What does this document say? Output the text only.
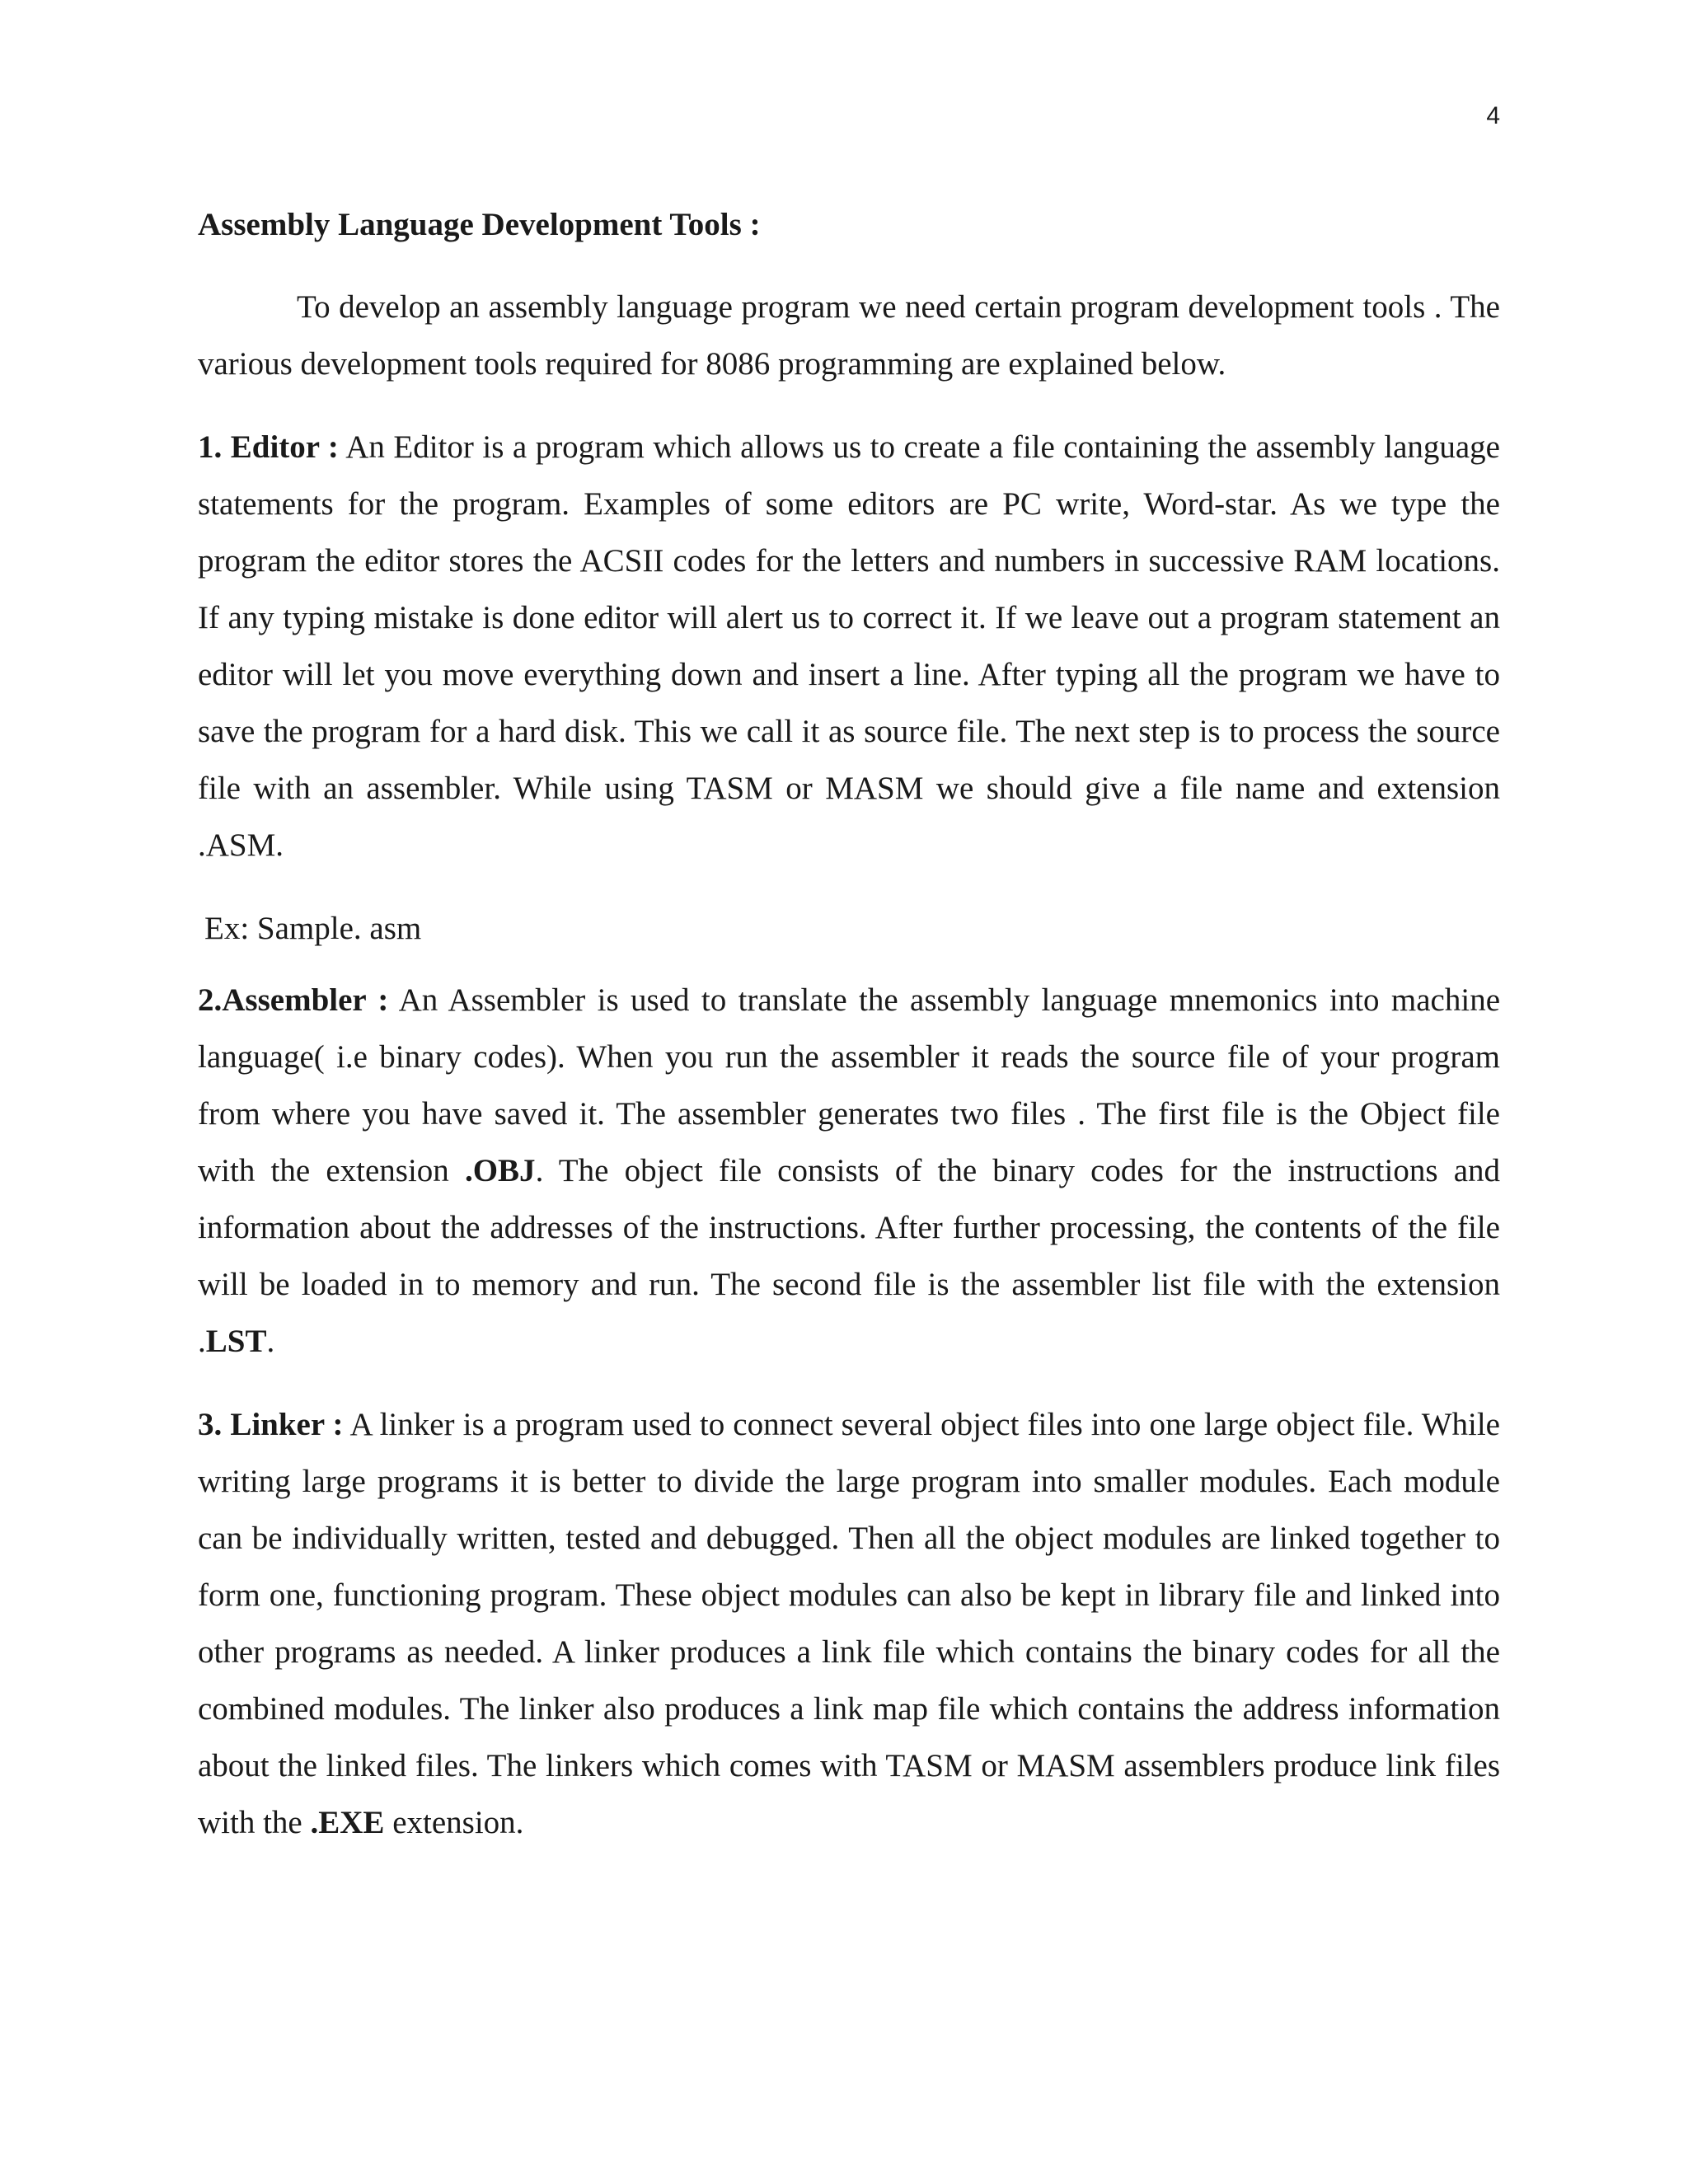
4
Assembly Language Development Tools :

To develop an assembly language program we need certain program development tools . The various development tools required for 8086 programming are explained below.

1. Editor : An Editor is a program which allows us to create a file containing the assembly language statements for the program. Examples of some editors are PC write, Word-star. As we type the program the editor stores the ACSII codes for the letters and numbers in successive RAM locations. If any typing mistake is done editor will alert us to correct it. If we leave out a program statement an editor will let you move everything down and insert a line. After typing all the program we have to save the program for a hard disk. This we call it as source file. The next step is to process the source file with an assembler. While using TASM or MASM we should give a file name and extension .ASM.

Ex: Sample. asm

2.Assembler : An Assembler is used to translate the assembly language mnemonics into machine language( i.e binary codes). When you run the assembler it reads the source file of your program from where you have saved it. The assembler generates two files . The first file is the Object file with the extension .OBJ. The object file consists of the binary codes for the instructions and information about the addresses of the instructions. After further processing, the contents of the file will be loaded in to memory and run. The second file is the assembler list file with the extension .LST.

3. Linker : A linker is a program used to connect several object files into one large object file. While writing large programs it is better to divide the large program into smaller modules. Each module can be individually written, tested and debugged. Then all the object modules are linked together to form one, functioning program. These object modules can also be kept in library file and linked into other programs as needed. A linker produces a link file which contains the binary codes for all the combined modules. The linker also produces a link map file which contains the address information about the linked files. The linkers which comes with TASM or MASM assemblers produce link files with the .EXE extension.
